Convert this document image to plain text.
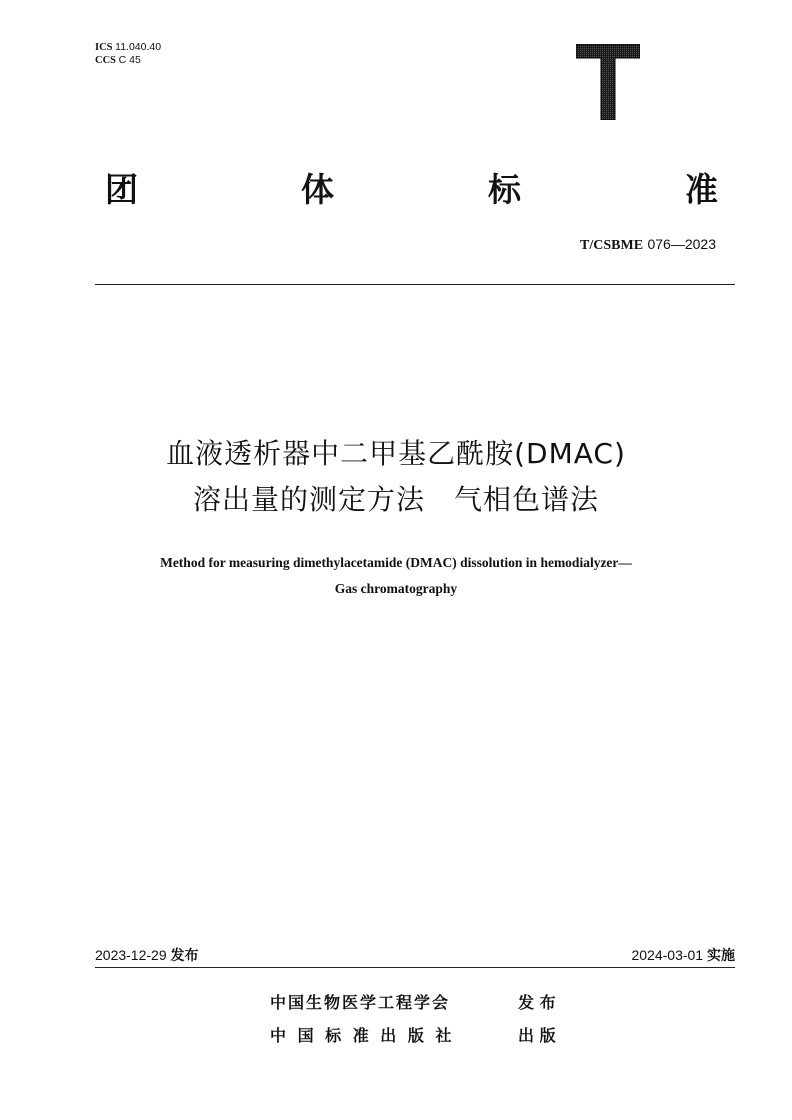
ICS 11.040.40
CCS C 45
团	体	标	准
T/CSBME 076—2023
血液透析器中二甲基乙酰胺(DMAC)
溶出量的测定方法　气相色谱法
Method for measuring dimethylacetamide (DMAC) dissolution in hemodialyzer—
Gas chromatography
2023-12-29 发布	2024-03-01 实施
中国生物医学工程学会	发 布
中 国 标 准 出 版 社	出 版
